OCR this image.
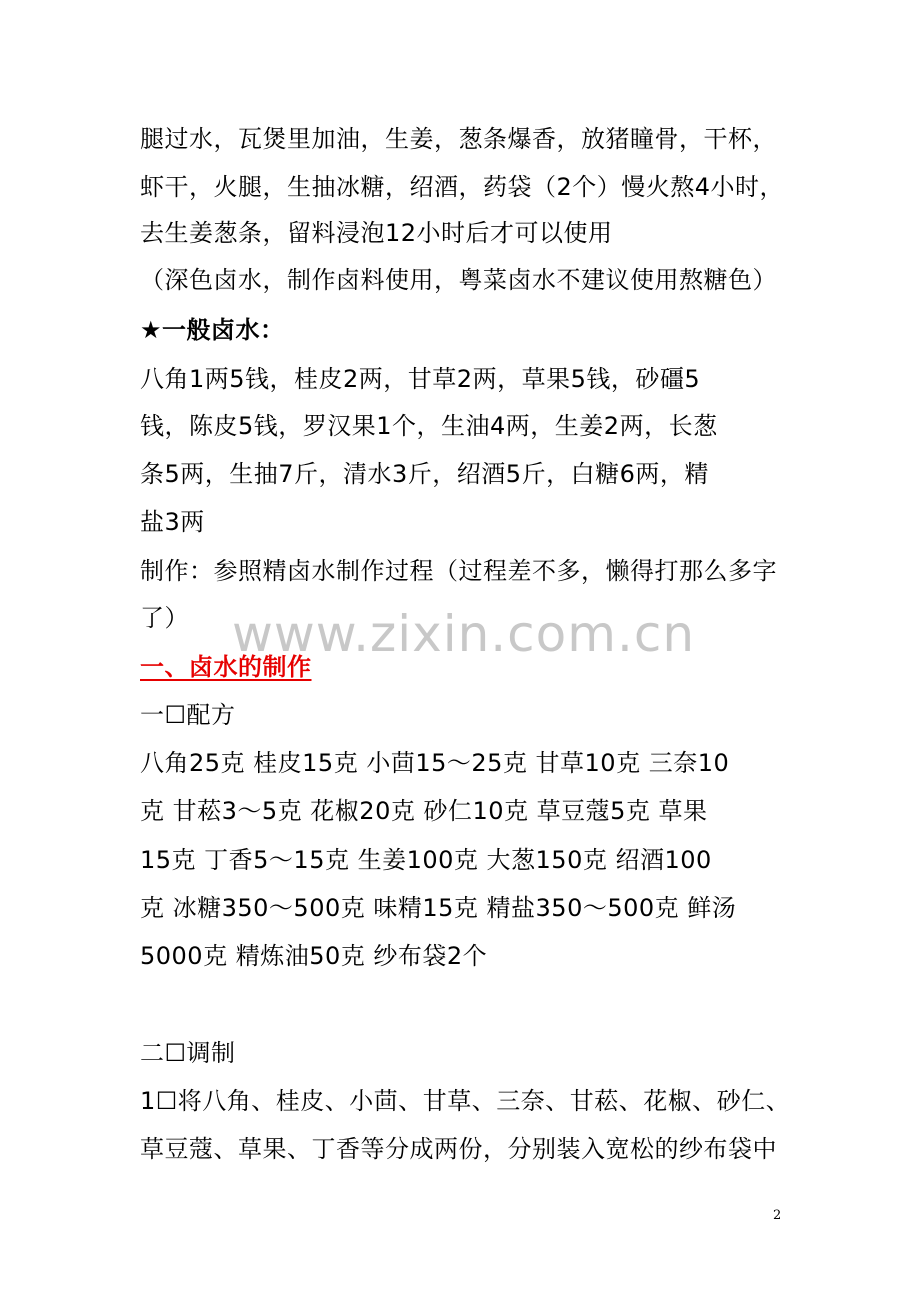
腿过水，瓦煲里加油，生姜，葱条爆香，放猪瞳骨，干杯，
虾干，火腿，生抽冰糖，绍酒，药袋（2个）慢火熬4小时，
去生姜葱条，留料浸泡12小时后才可以使用
（深色卤水，制作卤料使用，粤菜卤水不建议使用熬糖色）
★一般卤水：
八角1两5钱，桂皮2两，甘草2两，草果5钱，砂礓5
钱，陈皮5钱，罗汉果1个，生油4两，生姜2两，长葱
条5两，生抽7斤，清水3斤，绍酒5斤，白糖6两，精
盐3两
制作：参照精卤水制作过程（过程差不多，懒得打那么多字
了）
一、卤水的制作
一☐配方
八角25克 桂皮15克 小茴15～25克 甘草10克 三奈10
克 甘菘3～5克 花椒20克 砂仁10克 草豆蔻5克 草果
15克 丁香5～15克 生姜100克 大葱150克 绍酒100
克 冰糖350～500克 味精15克 精盐350～500克 鲜汤
5000克 精炼油50克 纱布袋2个
二☐调制
1☐将八角、桂皮、小茴、甘草、三奈、甘菘、花椒、砂仁、
草豆蔻、草果、丁香等分成两份，分别装入宽松的纱布袋中
www.zixin.com.cn
2
